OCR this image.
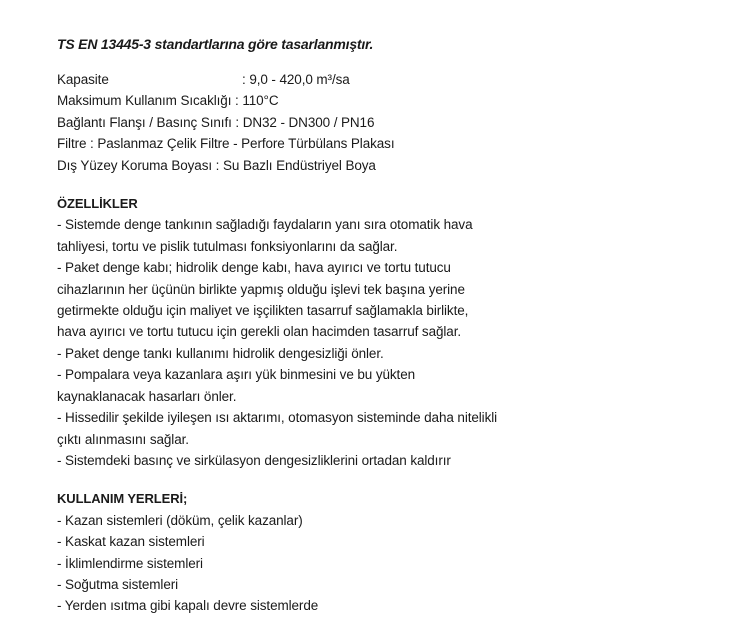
TS EN 13445-3 standartlarına göre tasarlanmıştır.
Kapasite	: 9,0 - 420,0 m³/sa
Maksimum Kullanım Sıcaklığı : 110°C
Bağlantı Flanşı / Basınç Sınıfı : DN32 - DN300 / PN16
Filtre : Paslanmaz Çelik Filtre - Perfore Türbülans Plakası
Dış Yüzey Koruma Boyası : Su Bazlı Endüstriyel Boya
ÖZELLİKLER
- Sistemde denge tankının sağladığı faydaların yanı sıra otomatik hava
tahliyesi, tortu ve pislik tutulması fonksiyonlarını da sağlar.
- Paket denge kabı; hidrolik denge kabı, hava ayırıcı ve tortu tutucu
cihazlarının her üçünün birlikte yapmış olduğu işlevi tek başına yerine
getirmekte olduğu için maliyet ve işçilikten tasarruf sağlamakla birlikte,
hava ayırıcı ve tortu tutucu için gerekli olan hacimden tasarruf sağlar.
- Paket denge tankı kullanımı hidrolik dengesizliği önler.
- Pompalara veya kazanlara aşırı yük binmesini ve bu yükten
kaynaklanacak hasarları önler.
- Hissedilir şekilde iyileşen ısı aktarımı, otomasyon sisteminde daha nitelikli
çıktı alınmasını sağlar.
- Sistemdeki basınç ve sirkülasyon dengesizliklerini ortadan kaldırır
KULLANIM YERLERİ;
- Kazan sistemleri (döküm, çelik kazanlar)
- Kaskat kazan sistemleri
- İklimlendirme sistemleri
- Soğutma sistemleri
- Yerden ısıtma gibi kapalı devre sistemlerde
